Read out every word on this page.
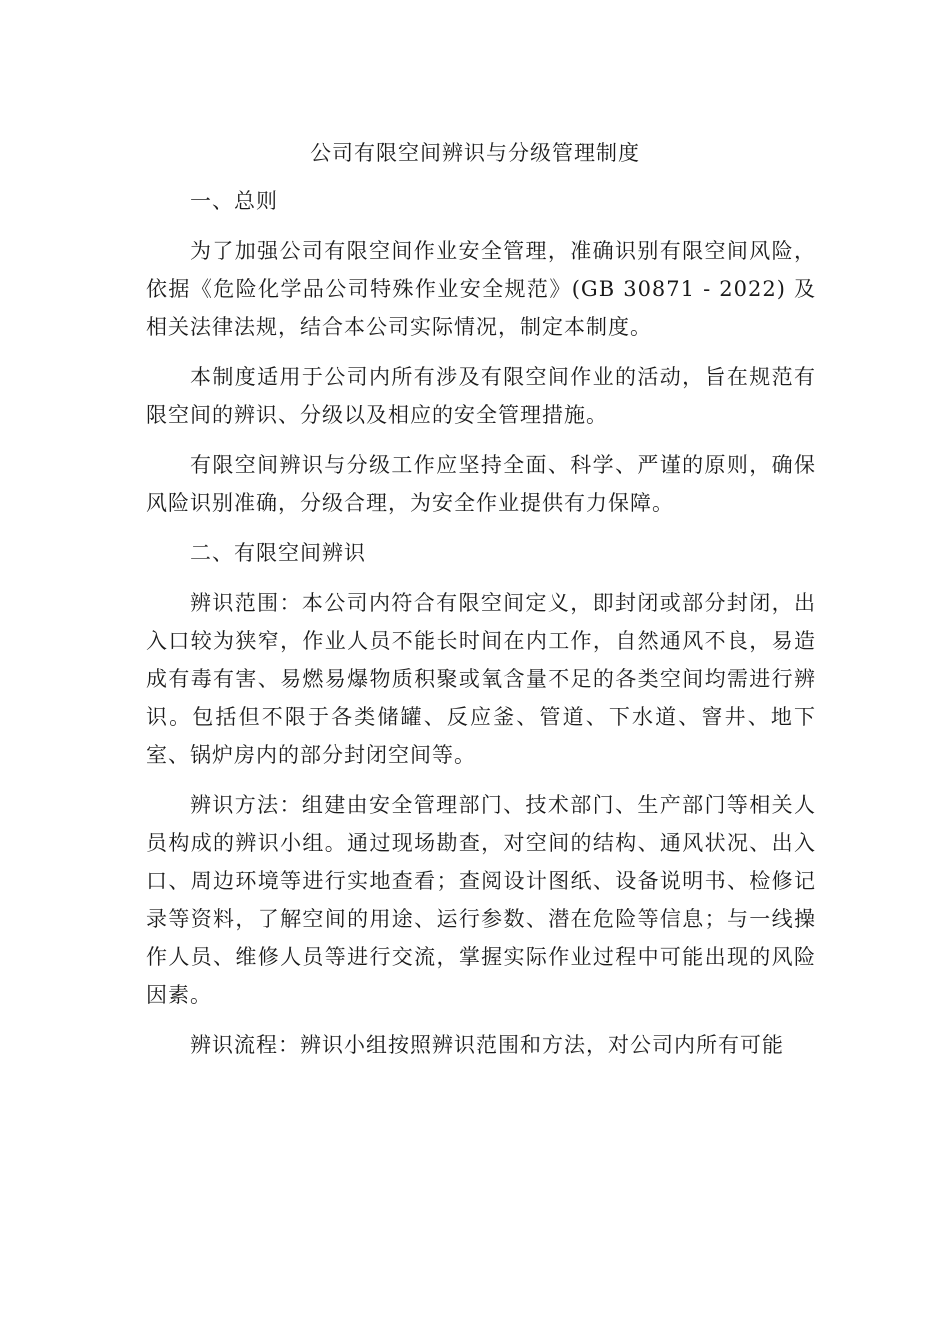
公司有限空间辨识与分级管理制度
一、总则

为了加强公司有限空间作业安全管理，准确识别有限空间风险，依据《危险化学品公司特殊作业安全规范》(GB 30871 - 2022) 及相关法律法规，结合本公司实际情况，制定本制度。

本制度适用于公司内所有涉及有限空间作业的活动，旨在规范有限空间的辨识、分级以及相应的安全管理措施。

有限空间辨识与分级工作应坚持全面、科学、严谨的原则，确保风险识别准确，分级合理，为安全作业提供有力保障。

二、有限空间辨识

辨识范围：本公司内符合有限空间定义，即封闭或部分封闭，出入口较为狭窄，作业人员不能长时间在内工作，自然通风不良，易造成有毒有害、易燃易爆物质积聚或氧含量不足的各类空间均需进行辨识。包括但不限于各类储罐、反应釜、管道、下水道、窨井、地下室、锅炉房内的部分封闭空间等。

辨识方法：组建由安全管理部门、技术部门、生产部门等相关人员构成的辨识小组。通过现场勘查，对空间的结构、通风状况、出入口、周边环境等进行实地查看；查阅设计图纸、设备说明书、检修记录等资料，了解空间的用途、运行参数、潜在危险等信息；与一线操作人员、维修人员等进行交流，掌握实际作业过程中可能出现的风险因素。

辨识流程：辨识小组按照辨识范围和方法，对公司内所有可能
